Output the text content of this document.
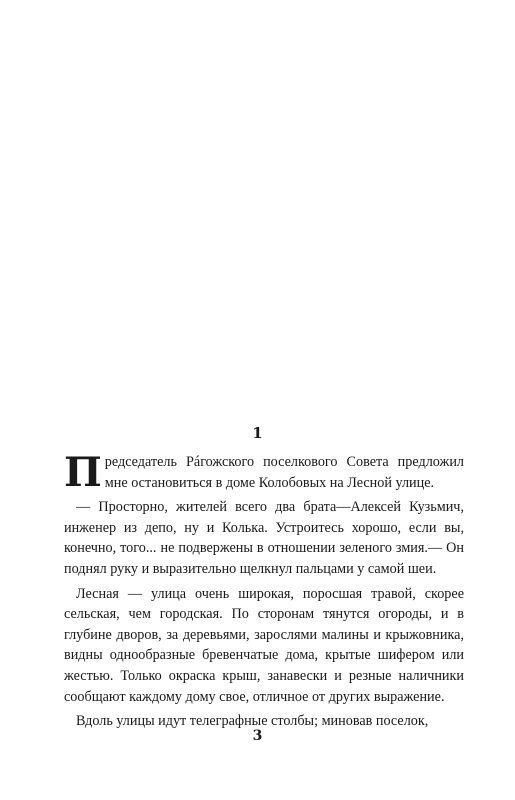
1

Председатель Рáгожского поселкового Совета предложил мне остановиться в доме Колобовых на Лесной улице.

— Просторно, жителей всего два брата—Алексей Кузьмич, инженер из депо, ну и Колька. Устроитесь хорошо, если вы, конечно, того... не подвержены в отношении зеленого змия.— Он поднял руку и выразительно щелкнул пальцами у самой шеи.

Лесная — улица очень широкая, поросшая травой, скорее сельская, чем городская. По сторонам тянутся огороды, и в глубине дворов, за деревьями, зарослями малины и крыжовника, видны однообразные бревенчатые дома, крытые шифером или жестью. Только окраска крыш, занавески и резные наличники сообщают каждому дому свое, отличное от других выражение.

Вдоль улицы идут телеграфные столбы; миновав поселок,

3
